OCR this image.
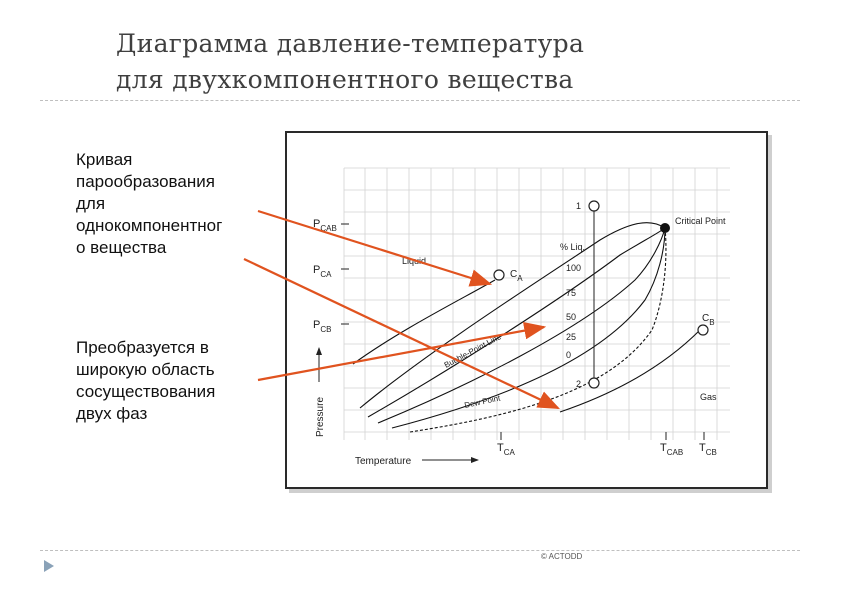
Диаграмма давление-температура
для двухкомпонентного вещества
Кривая
парообразования
для
однокомпонентног
о вещества
Преобразуется в
широкую область
сосуществования
двух фаз
$P_{CAB}$
$P_{CA}$
$P_{CB}$
$T_{CA}$	$T_{CAB}$ $T_{CB}$
Pressure
Temperature
1
2
Critical Point
$C_A$
$C_B$
% Liq.
100
75
50
25
0
Liquid
Gas
Bubble-Point Line
Dew Point
© ACTODD
